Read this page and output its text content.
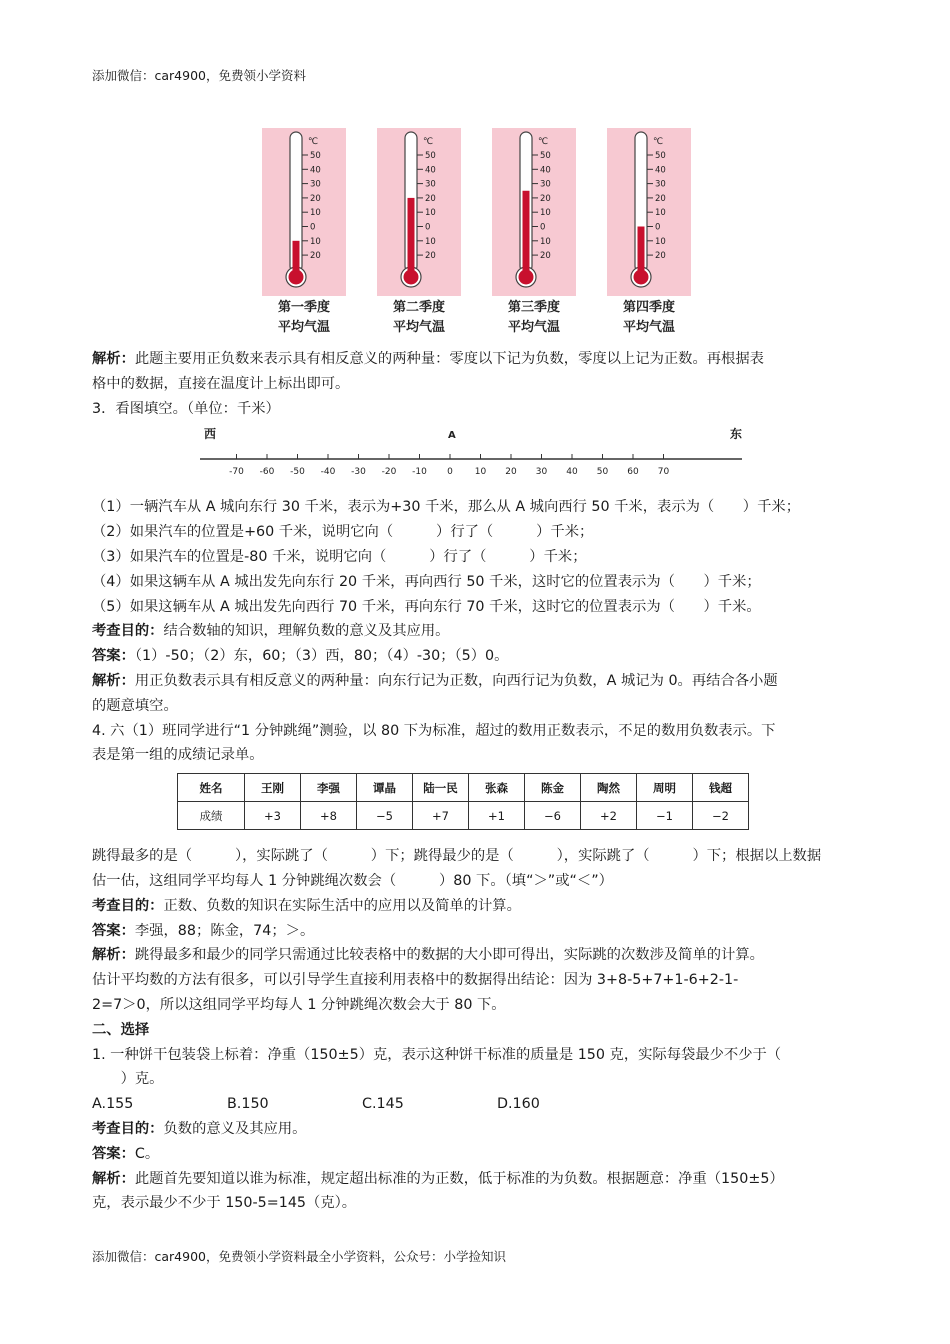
添加微信：car4900，免费领小学资料
℃
50
40
30
20
10
0
10
20
第一季度
平均气温
℃
50
40
30
20
10
0
10
20
第二季度
平均气温
℃
50
40
30
20
10
0
10
20
第三季度
平均气温
℃
50
40
30
20
10
0
10
20
第四季度
平均气温
西	A	东
-70 -60 -50 -40 -30 -20 -10 0 10 20 30 40 50 60 70
姓名	王刚	李强	谭晶	陆一民	张森	陈金	陶然	周明	钱超
成绩	+3	+8	−5	+7	+1	−6	+2	−1	−2

解析：此题主要用正负数来表示具有相反意义的两种量：零度以下记为负数，零度以上记为正数。再根据表

格中的数据，直接在温度计上标出即可。

3．看图填空。（单位：千米）

（1）一辆汽车从 A 城向东行 30 千米，表示为+30 千米，那么从 A 城向西行 50 千米，表示为（　　）千米；

（2）如果汽车的位置是+60 千米，说明它向（　　　）行了（　　　）千米；

（3）如果汽车的位置是-80 千米，说明它向（　　　）行了（　　　）千米；

（4）如果这辆车从 A 城出发先向东行 20 千米，再向西行 50 千米，这时它的位置表示为（　　）千米；

（5）如果这辆车从 A 城出发先向西行 70 千米，再向东行 70 千米，这时它的位置表示为（　　）千米。

考查目的：结合数轴的知识，理解负数的意义及其应用。

答案：（1）-50；（2）东，60；（3）西，80；（4）-30；（5）0。

解析：用正负数表示具有相反意义的两种量：向东行记为正数，向西行记为负数，A 城记为 0。再结合各小题

的题意填空。

4. 六（1）班同学进行“1 分钟跳绳”测验，以 80 下为标准，超过的数用正数表示，不足的数用负数表示。下

表是第一组的成绩记录单。

跳得最多的是（　　　），实际跳了（　　　）下；跳得最少的是（　　　），实际跳了（　　　）下；根据以上数据

估一估，这组同学平均每人 1 分钟跳绳次数会（　　　）80 下。（填“＞”或“＜”）

考查目的：正数、负数的知识在实际生活中的应用以及简单的计算。

答案：李强，88；陈金，74；＞。

解析：跳得最多和最少的同学只需通过比较表格中的数据的大小即可得出，实际跳的次数涉及简单的计算。

估计平均数的方法有很多，可以引导学生直接利用表格中的数据得出结论：因为 3+8-5+7+1-6+2-1-

2=7＞0，所以这组同学平均每人 1 分钟跳绳次数会大于 80 下。

二、选择

1. 一种饼干包装袋上标着：净重（150±5）克，表示这种饼干标准的质量是 150 克，实际每袋最少不少于（

　　）克。

A.155	B.150	C.145	D.160

考查目的：负数的意义及其应用。

答案：C。

解析：此题首先要知道以谁为标准，规定超出标准的为正数，低于标准的为负数。根据题意：净重（150±5）

克，表示最少不少于 150-5=145（克）。

添加微信：car4900，免费领小学资料最全小学资料，公众号：小学捡知识
